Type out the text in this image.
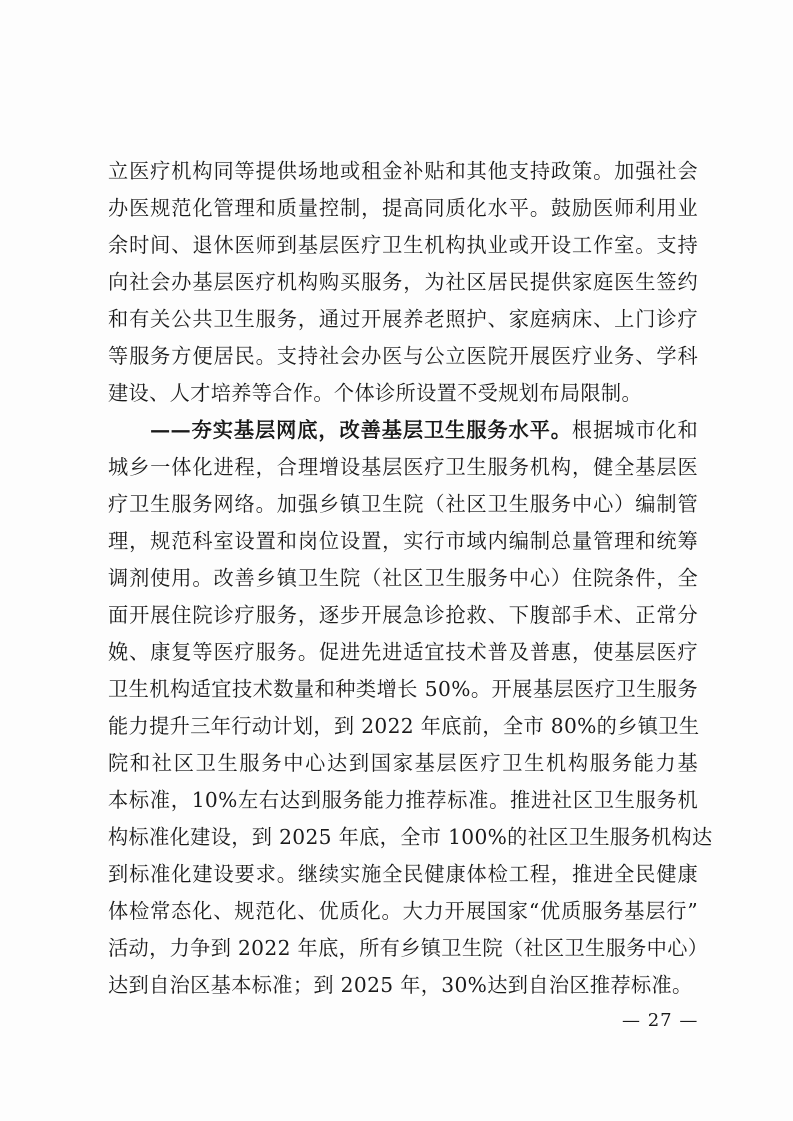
立医疗机构同等提供场地或租金补贴和其他支持政策。加强社会
办医规范化管理和质量控制，提高同质化水平。鼓励医师利用业
余时间、退休医师到基层医疗卫生机构执业或开设工作室。支持
向社会办基层医疗机构购买服务，为社区居民提供家庭医生签约
和有关公共卫生服务，通过开展养老照护、家庭病床、上门诊疗
等服务方便居民。支持社会办医与公立医院开展医疗业务、学科
建设、人才培养等合作。个体诊所设置不受规划布局限制。
——夯实基层网底，改善基层卫生服务水平。根据城市化和
城乡一体化进程，合理增设基层医疗卫生服务机构，健全基层医
疗卫生服务网络。加强乡镇卫生院（社区卫生服务中心）编制管
理，规范科室设置和岗位设置，实行市域内编制总量管理和统筹
调剂使用。改善乡镇卫生院（社区卫生服务中心）住院条件，全
面开展住院诊疗服务，逐步开展急诊抢救、下腹部手术、正常分
娩、康复等医疗服务。促进先进适宜技术普及普惠，使基层医疗
卫生机构适宜技术数量和种类增长 50%。开展基层医疗卫生服务
能力提升三年行动计划，到 2022 年底前，全市 80%的乡镇卫生
院和社区卫生服务中心达到国家基层医疗卫生机构服务能力基
本标准，10%左右达到服务能力推荐标准。推进社区卫生服务机
构标准化建设，到 2025 年底，全市 100%的社区卫生服务机构达
到标准化建设要求。继续实施全民健康体检工程，推进全民健康
体检常态化、规范化、优质化。大力开展国家“优质服务基层行”
活动，力争到 2022 年底，所有乡镇卫生院（社区卫生服务中心）
达到自治区基本标准；到 2025 年，30%达到自治区推荐标准。
— 27 —
